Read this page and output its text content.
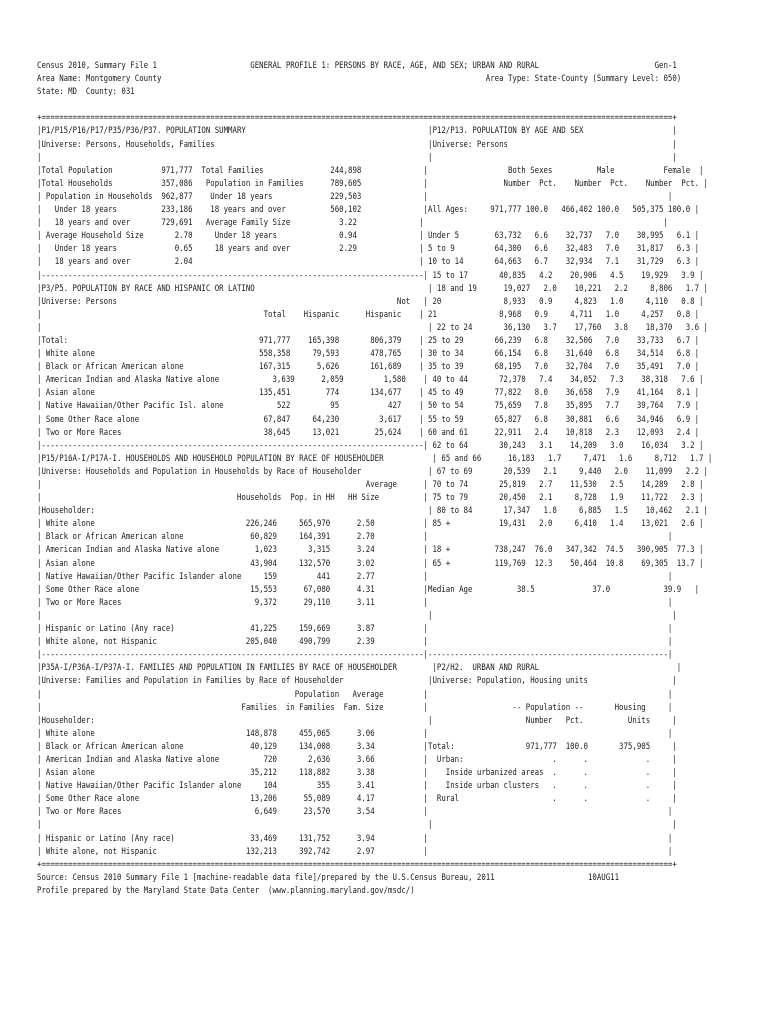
Census 2010, Summary File 1                     GENERAL PROFILE 1: PERSONS BY RACE, AGE, AND SEX; URBAN AND RURAL                          Gen-1
Area Name: Montgomery County                                                                         Area Type: State-County (Summary Level: 050)
State: MD  County: 031

+==============================================================================================================================================+
|P1/P15/P16/P17/P35/P36/P37. POPULATION SUMMARY                                         |P12/P13. POPULATION BY AGE AND SEX                    |
|Universe: Persons, Households, Families                                                |Universe: Persons                                     |
|                                                                                       |                                                      |
|Total Population           971,777  Total Families               244,898              |                  Both Sexes          Male           Female  |
|Total Households           357,086   Population in Families      789,605              |                 Number  Pct.    Number  Pct.    Number  Pct. |
| Population in Households  962,877    Under 18 years             229,503              |                                                      |
|   Under 18 years          233,186    18 years and over          560,102              |All Ages:     971,777 100.0   466,402 100.0   505,375 100.0 |
|   18 years and over       729,691   Average Family Size           3.22              |                                                      |
| Average Household Size       2.70     Under 18 years              0.94              | Under 5        63,732   6.6    32,737   7.0    30,995   6.1 |
|   Under 18 years             0.65     18 years and over           2.29              | 5 to 9         64,300   6.6    32,483   7.0    31,817   6.3 |
|   18 years and over          2.04                                                   | 10 to 14       64,663   6.7    32,934   7.1    31,729   6.3 |
|--------------------------------------------------------------------------------------| 15 to 17       40,835   4.2    20,906   4.5    19,929   3.9 |
|P3/P5. POPULATION BY RACE AND HISPANIC OR LATINO                                       | 18 and 19      19,027   2.0    10,221   2.2     8,806   1.7 |
|Universe: Persons                                                               Not   | 20              8,933   0.9     4,823   1.0     4,110   0.8 |
|                                                  Total    Hispanic      Hispanic    | 21              8,968   0.9     4,711   1.0     4,257   0.8 |
|                                                                                       | 22 to 24       36,130   3.7    17,760   3.8    18,370   3.6 |
|Total:                                           971,777    165,398       806,379    | 25 to 29       66,239   6.8    32,506   7.0    33,733   6.7 |
| White alone                                     558,358     79,593       478,765    | 30 to 34       66,154   6.8    31,640   6.8    34,514   6.8 |
| Black or African American alone                 167,315      5,626       161,689    | 35 to 39       68,195   7.0    32,704   7.0    35,491   7.0 |
| American Indian and Alaska Native alone            3,639      2,059         1,580    | 40 to 44       72,370   7.4    34,052   7.3    38,318   7.6 |
| Asian alone                                     135,451        774       134,677    | 45 to 49       77,822   8.0    36,658   7.9    41,164   8.1 |
| Native Hawaiian/Other Pacific Isl. alone            522         95           427    | 50 to 54       75,659   7.8    35,895   7.7    39,764   7.9 |
| Some Other Race alone                            67,847     64,230         3,617    | 55 to 59       65,827   6.8    30,881   6.6    34,946   6.9 |
| Two or More Races                                38,645     13,021        25,624    | 60 and 61      22,911   2.4    10,818   2.3    12,093   2.4 |
|--------------------------------------------------------------------------------------| 62 to 64       30,243   3.1    14,209   3.0    16,034   3.2 |
|P15/P16A-I/P17A-I. HOUSEHOLDS AND HOUSEHOLD POPULATION BY RACE OF HOUSEHOLDER           | 65 and 66      16,183   1.7     7,471   1.6     8,712   1.7 |
|Universe: Households and Population in Households by Race of Householder               | 67 to 69       20,539   2.1     9,440   2.0    11,099   2.2 |
|                                                                         Average      | 70 to 74       25,819   2.7    11,530   2.5    14,289   2.8 |
|                                            Households  Pop. in HH   HH Size          | 75 to 79       20,450   2.1     8,728   1.9    11,722   2.3 |
|Householder:                                                                           | 80 to 84       17,347   1.8     6,885   1.5    10,462   2.1 |
| White alone                                  226,246     565,970      2.50           | 85 +           19,431   2.0     6,410   1.4    13,021   2.6 |
| Black or African American alone               60,829     164,391      2.70           |                                                      |
| American Indian and Alaska Native alone        1,023       3,315      3.24           | 18 +          738,247  76.0   347,342  74.5   390,905  77.3 |
| Asian alone                                   43,904     132,570      3.02           | 65 +          119,769  12.3    50,464  10.8    69,305  13.7 |
| Native Hawaiian/Other Pacific Islander alone     159         441      2.77           |                                                      |
| Some Other Race alone                         15,553      67,080      4.31           |Median Age          38.5             37.0            39.9   |
| Two or More Races                              9,372      29,110      3.11           |                                                      |
|                                                                                       |                                                      |
| Hispanic or Latino (Any race)                 41,225     159,669      3.87           |                                                      |
| White alone, not Hispanic                    205,040     490,799      2.39           |                                                      |
|--------------------------------------------------------------------------------------|------------------------------------------------------|
|P35A-I/P36A-I/P37A-I. FAMILIES AND POPULATION IN FAMILIES BY RACE OF HOUSEHOLDER        |P2/H2.  URBAN AND RURAL                               |
|Universe: Families and Population in Families by Race of Householder                   |Universe: Population, Housing units                   |
|                                                         Population   Average         |                                                      |
|                                             Families  in Families  Fam. Size         |                   -- Population --       Housing     |
|Householder:                                                                           |                     Number   Pct.          Units     |
| White alone                                  148,878     455,065      3.06           |                                                      |
| Black or African American alone               40,129     134,008      3.34           |Total:                971,777  100.0       375,905     |
| American Indian and Alaska Native alone          720       2,636      3.66           |  Urban:                    .      .             .     |
| Asian alone                                   35,212     118,882      3.38           |    Inside urbanized areas  .      .             .     |
| Native Hawaiian/Other Pacific Islander alone     104         355      3.41           |    Inside urban clusters   .      .             .     |
| Some Other Race alone                         13,206      55,089      4.17           |  Rural                     .      .             .     |
| Two or More Races                              6,649      23,570      3.54           |                                                      |
|                                                                                       |                                                      |
| Hispanic or Latino (Any race)                 33,469     131,752      3.94           |                                                      |
| White alone, not Hispanic                    132,213     392,742      2.97           |                                                      |
+==============================================================================================================================================+
Source: Census 2010 Summary File 1 [machine-readable data file]/prepared by the U.S.Census Bureau, 2011                     10AUG11
Profile prepared by the Maryland State Data Center  (www.planning.maryland.gov/msdc/)
